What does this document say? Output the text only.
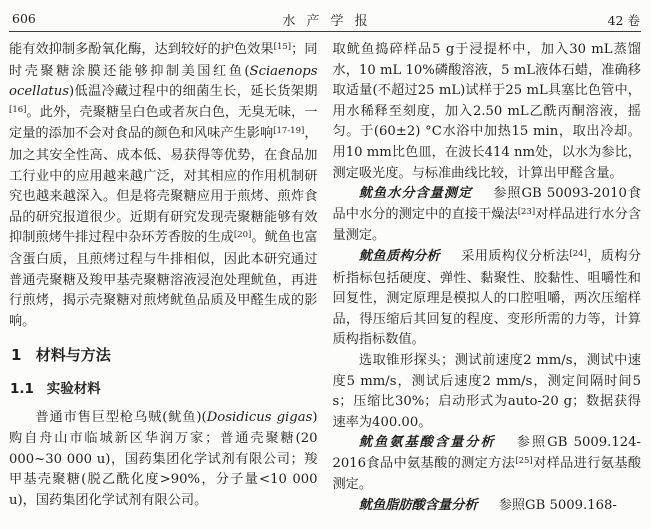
606	水产学报	42 卷
能有效抑制多酚氧化酶，达到较好的护色效果[15]；同时壳聚糖涂膜还能够抑制美国红鱼(Sciaenops ocellatus)低温冷藏过程中的细菌生长，延长货架期[16]。此外，壳聚糖呈白色或者灰白色，无臭无味，一定量的添加不会对食品的颜色和风味产生影响[17-19]，加之其安全性高、成本低、易获得等优势，在食品加工行业中的应用越来越广泛，对其相应的作用机制研究也越来越深入。但是将壳聚糖应用于煎烤、煎炸食品的研究报道很少。近期有研究发现壳聚糖能够有效抑制煎烤牛排过程中杂环芳香胺的生成[20]。鱿鱼也富含蛋白质，且煎烤过程与牛排相似，因此本研究通过普通壳聚糖及羧甲基壳聚糖溶液浸泡处理鱿鱼，再进行煎烤，揭示壳聚糖对煎烤鱿鱼品质及甲醛生成的影响。
1 材料与方法
1.1 实验材料
普通市售巨型枪乌贼(鱿鱼)(Dosidicus gigas)购自舟山市临城新区华润万家；普通壳聚糖(20 000~30 000 u)，国药集团化学试剂有限公司；羧甲基壳聚糖(脱乙酰化度>90%，分子量<10 000 u)，国药集团化学试剂有限公司。
取鱿鱼捣碎样品5 g于浸提杯中，加入30 mL蒸馏水，10 mL 10%磷酸溶液，5 mL液体石蜡，准确移取适量(不超过25 mL)试样于25 mL具塞比色管中，用水稀释至刻度，加入2.50 mL乙酰丙酮溶液，摇匀。于(60±2) °C水浴中加热15 min，取出冷却。用10 mm比色皿，在波长414 nm处，以水为参比，测定吸光度。与标准曲线比较，计算出甲醛含量。
鱿鱼水分含量测定 参照GB 50093-2010食品中水分的测定中的直接干燥法[23]对样品进行水分含量测定。
鱿鱼质构分析 采用质构仪分析法[24]，质构分析指标包括硬度、弹性、黏聚性、胶黏性、咀嚼性和回复性，测定原理是模拟人的口腔咀嚼，两次压缩样品，得压缩后其回复的程度、变形所需的力等，计算质构指标数值。
选取锥形探头；测试前速度2 mm/s，测试中速度5 mm/s，测试后速度2 mm/s，测定间隔时间5 s；压缩比30%；启动形式为auto-20 g；数据获得速率为400.00。
鱿鱼氨基酸含量分析 参照GB 5009.124-2016食品中氨基酸的测定方法[25]对样品进行氨基酸测定。
鱿鱼脂肪酸含量分析 参照GB 5009.168-
